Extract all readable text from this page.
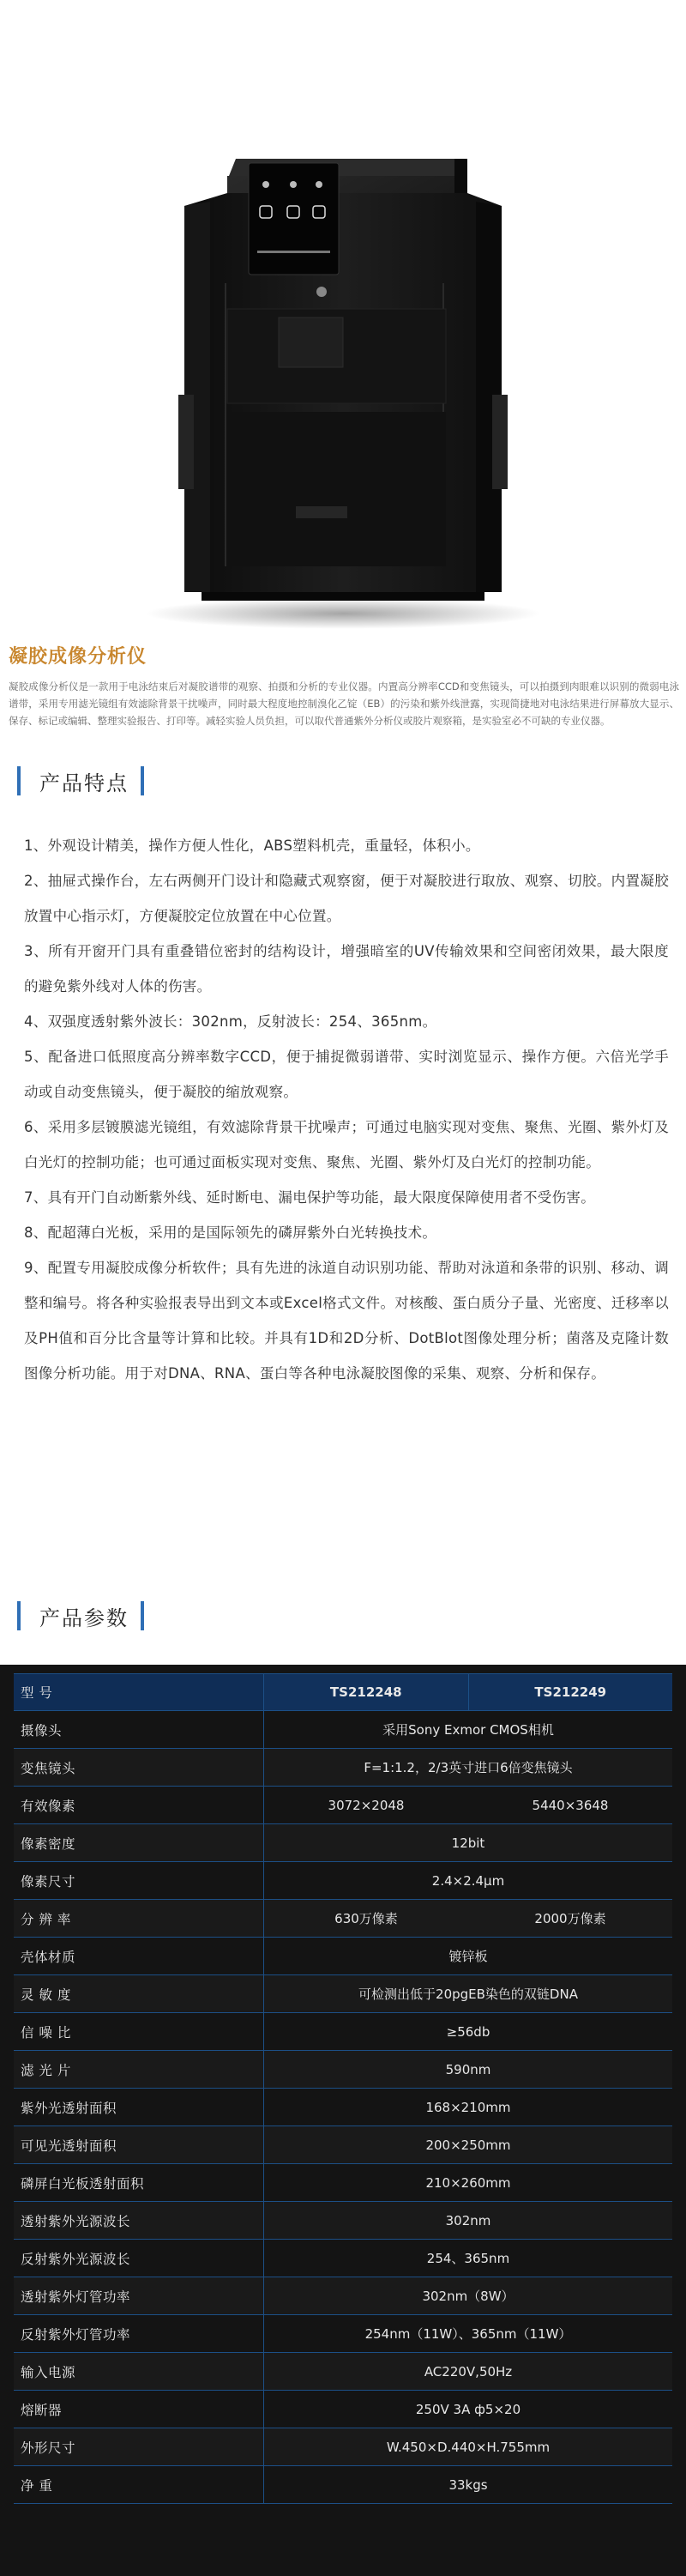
凝胶成像分析仪
凝胶成像分析仪是一款用于电泳结束后对凝胶谱带的观察、拍摄和分析的专业仪器。内置高分辨率CCD和变焦镜头，可以拍摄到肉眼难以识别的微弱电泳谱带，采用专用滤光镜组有效滤除背景干扰噪声，同时最大程度地控制溴化乙锭（EB）的污染和紫外线泄露，实现简捷地对电泳结果进行屏幕放大显示、保存、标记或编辑、整理实验报告、打印等。减轻实验人员负担，可以取代普通紫外分析仪或胶片观察箱，是实验室必不可缺的专业仪器。
产品特点

1、外观设计精美，操作方便人性化，ABS塑料机壳，重量轻，体积小。

2、抽屉式操作台，左右两侧开门设计和隐藏式观察窗，便于对凝胶进行取放、观察、切胶。内置凝胶放置中心指示灯，方便凝胶定位放置在中心位置。

3、所有开窗开门具有重叠错位密封的结构设计，增强暗室的UV传输效果和空间密闭效果，最大限度的避免紫外线对人体的伤害。

4、双强度透射紫外波长：302nm，反射波长：254、365nm。

5、配备进口低照度高分辨率数字CCD，便于捕捉微弱谱带、实时浏览显示、操作方便。六倍光学手动或自动变焦镜头，便于凝胶的缩放观察。

6、采用多层镀膜滤光镜组，有效滤除背景干扰噪声；可通过电脑实现对变焦、聚焦、光圈、紫外灯及白光灯的控制功能；也可通过面板实现对变焦、聚焦、光圈、紫外灯及白光灯的控制功能。

7、具有开门自动断紫外线、延时断电、漏电保护等功能，最大限度保障使用者不受伤害。

8、配超薄白光板，采用的是国际领先的磷屏紫外白光转换技术。

9、配置专用凝胶成像分析软件；具有先进的泳道自动识别功能、帮助对泳道和条带的识别、移动、调整和编号。将各种实验报表导出到文本或Excel格式文件。对核酸、蛋白质分子量、光密度、迁移率以及PH值和百分比含量等计算和比较。并具有1D和2D分析、DotBlot图像处理分析；菌落及克隆计数图像分析功能。用于对DNA、RNA、蛋白等各种电泳凝胶图像的采集、观察、分析和保存。

产品参数
型 号	TS212248	TS212249
摄像头	采用Sony Exmor CMOS相机
变焦镜头	F=1:1.2，2/3英寸进口6倍变焦镜头
有效像素	3072×2048	5440×3648
像素密度	12bit
像素尺寸	2.4×2.4μm
分 辨 率	630万像素	2000万像素
壳体材质	镀锌板
灵 敏 度	可检测出低于20pgEB染色的双链DNA
信 噪 比	≥56db
滤 光 片	590nm
紫外光透射面积	168×210mm
可见光透射面积	200×250mm
磷屏白光板透射面积	210×260mm
透射紫外光源波长	302nm
反射紫外光源波长	254、365nm
透射紫外灯管功率	302nm（8W）
反射紫外灯管功率	254nm（11W）、365nm（11W）
输入电源	AC220V,50Hz
熔断器	250V 3A ф5×20
外形尺寸	W.450×D.440×H.755mm
净 重	33kgs
